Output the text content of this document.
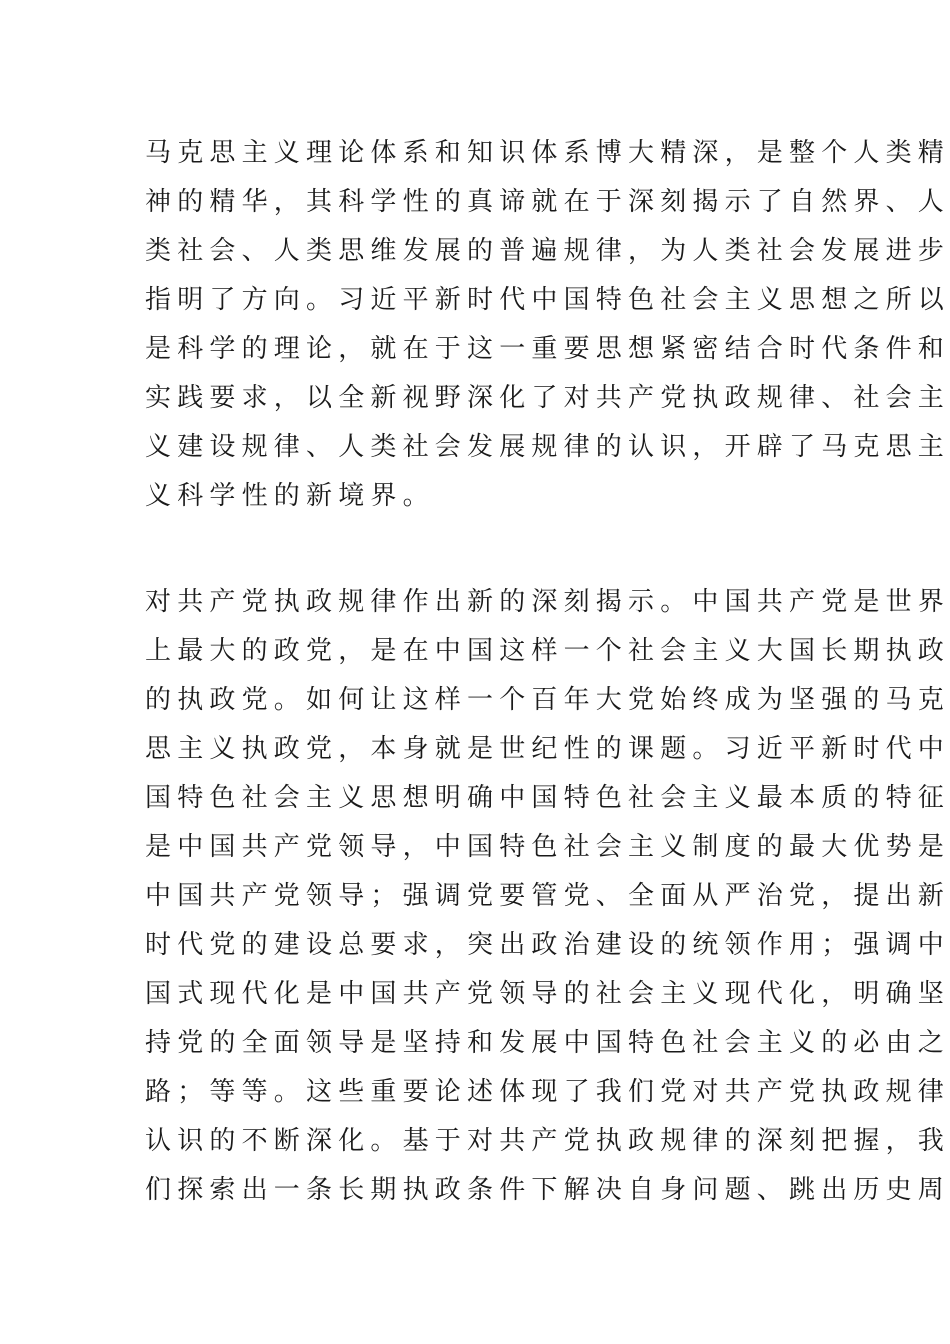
马克思主义理论体系和知识体系博大精深，是整个人类精
神的精华，其科学性的真谛就在于深刻揭示了自然界、人
类社会、人类思维发展的普遍规律，为人类社会发展进步
指明了方向。习近平新时代中国特色社会主义思想之所以
是科学的理论，就在于这一重要思想紧密结合时代条件和
实践要求，以全新视野深化了对共产党执政规律、社会主
义建设规律、人类社会发展规律的认识，开辟了马克思主
义科学性的新境界。

对共产党执政规律作出新的深刻揭示。中国共产党是世界
上最大的政党，是在中国这样一个社会主义大国长期执政
的执政党。如何让这样一个百年大党始终成为坚强的马克
思主义执政党，本身就是世纪性的课题。习近平新时代中
国特色社会主义思想明确中国特色社会主义最本质的特征
是中国共产党领导，中国特色社会主义制度的最大优势是
中国共产党领导；强调党要管党、全面从严治党，提出新
时代党的建设总要求，突出政治建设的统领作用；强调中
国式现代化是中国共产党领导的社会主义现代化，明确坚
持党的全面领导是坚持和发展中国特色社会主义的必由之
路；等等。这些重要论述体现了我们党对共产党执政规律
认识的不断深化。基于对共产党执政规律的深刻把握，我
们探索出一条长期执政条件下解决自身问题、跳出历史周
